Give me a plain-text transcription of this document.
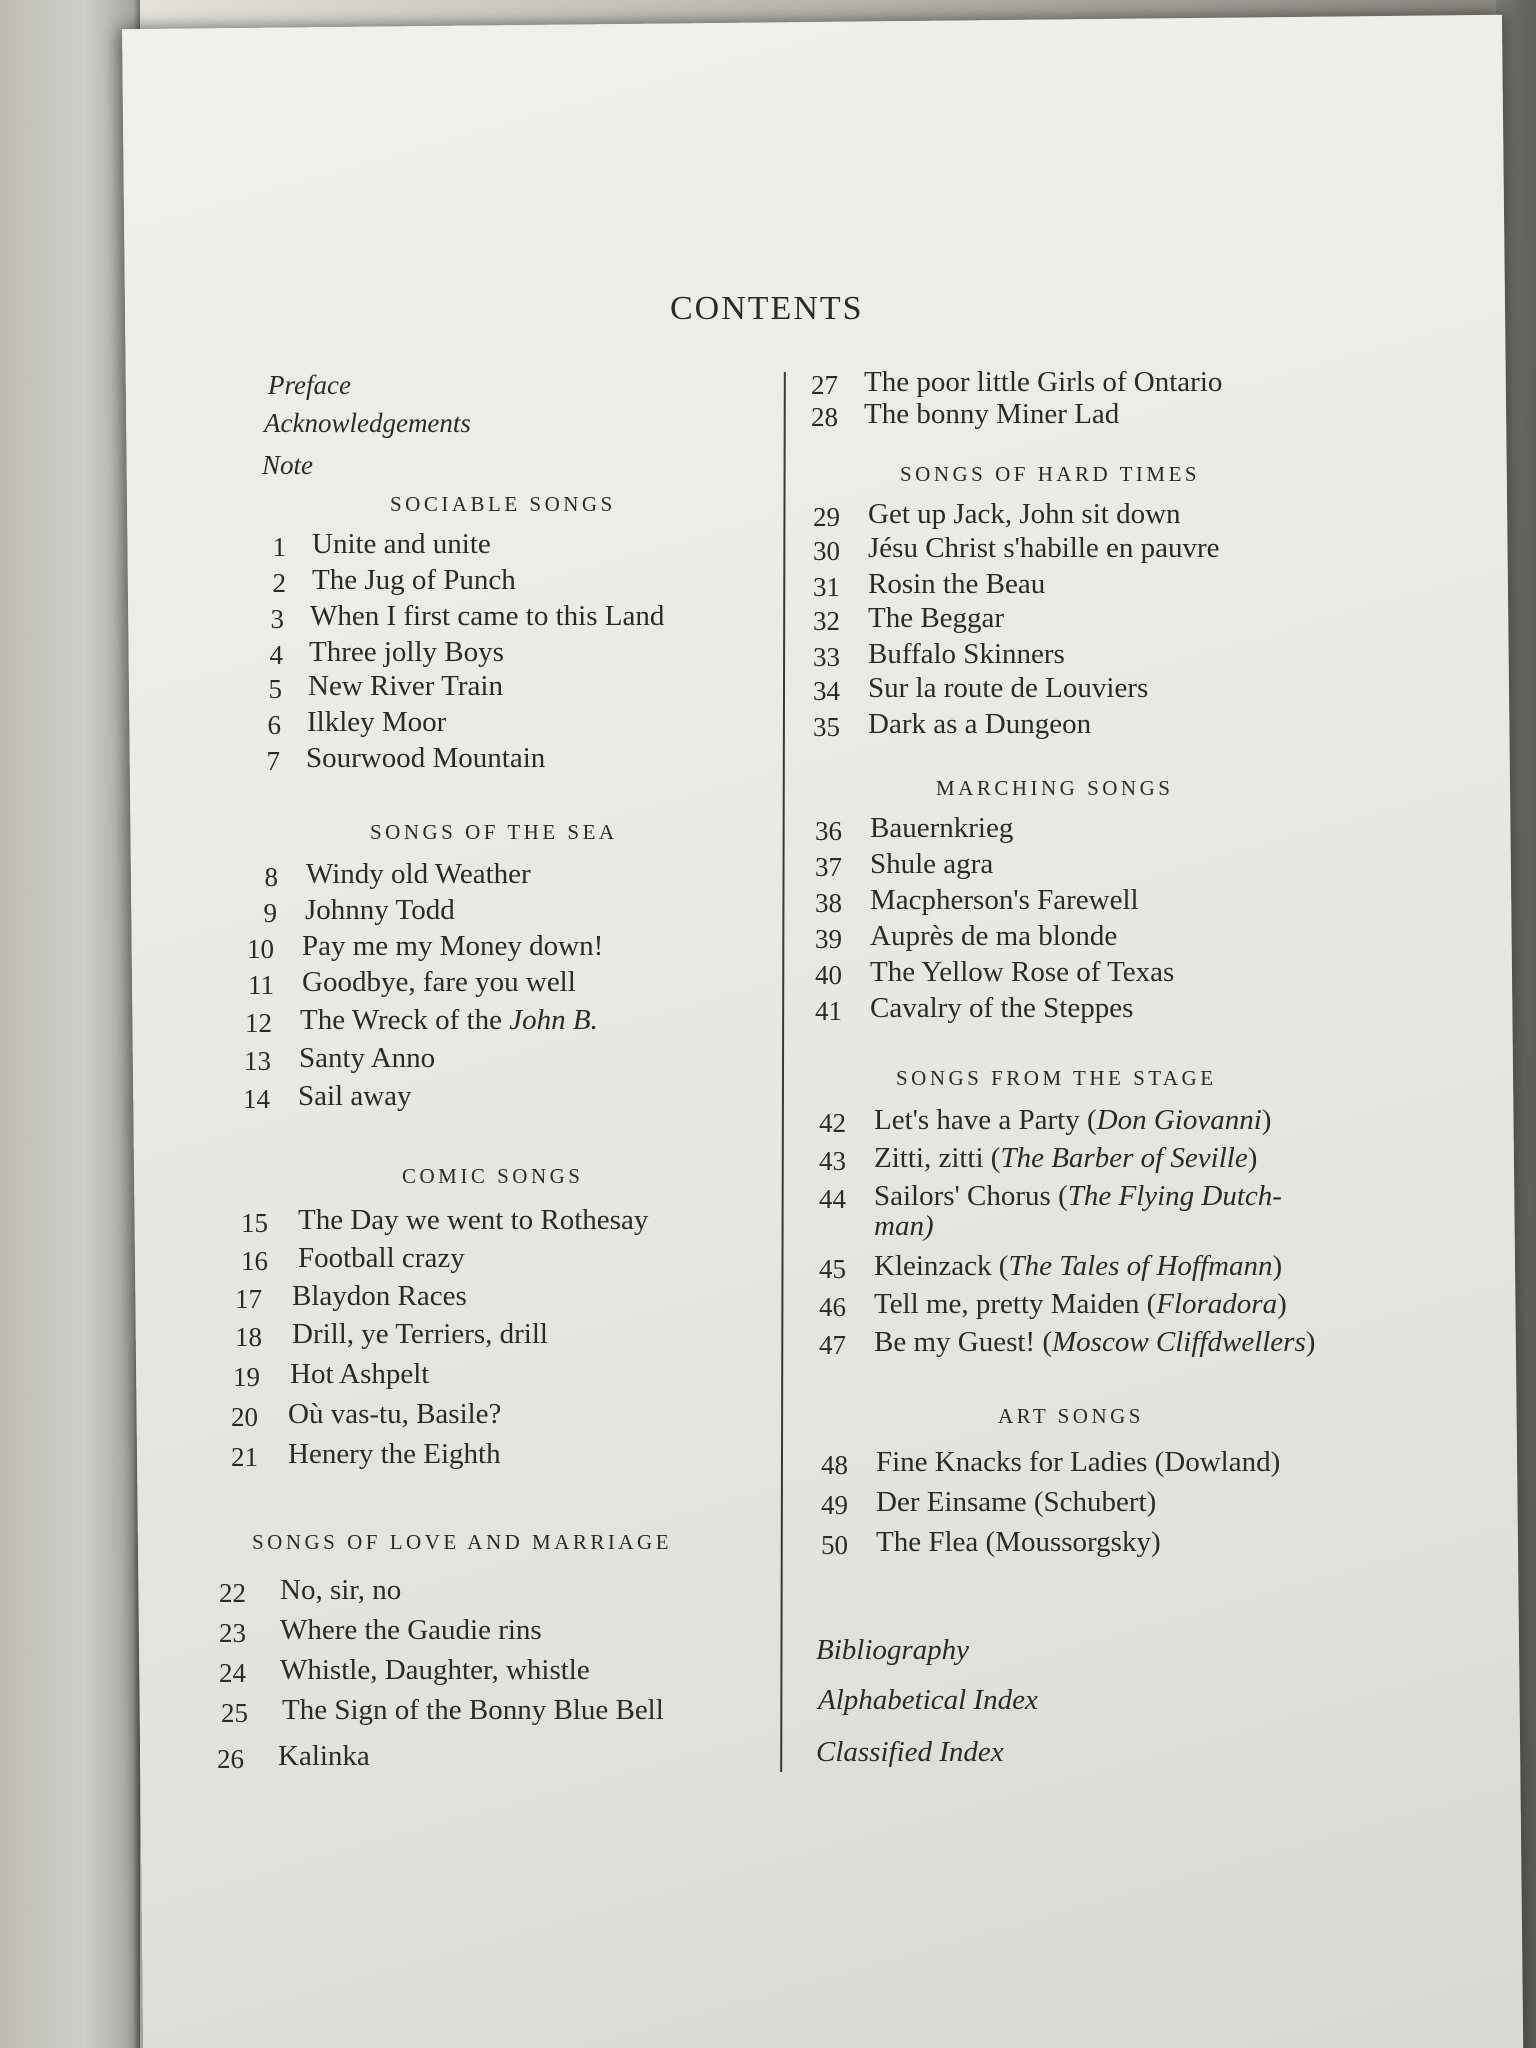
CONTENTS
Preface
Acknowledgements
Note
SOCIABLE SONGS
1 Unite and unite
2 The Jug of Punch
3 When I first came to this Land
4 Three jolly Boys
5 New River Train
6 Ilkley Moor
7 Sourwood Mountain
SONGS OF THE SEA
8 Windy old Weather
9 Johnny Todd
10 Pay me my Money down!
11 Goodbye, fare you well
12 The Wreck of the John B.
13 Santy Anno
14 Sail away
COMIC SONGS
15 The Day we went to Rothesay
16 Football crazy
17 Blaydon Races
18 Drill, ye Terriers, drill
19 Hot Ashpelt
20 Où vas-tu, Basile?
21 Henery the Eighth
SONGS OF LOVE AND MARRIAGE
22 No, sir, no
23 Where the Gaudie rins
24 Whistle, Daughter, whistle
25 The Sign of the Bonny Blue Bell
26 Kalinka
27 The poor little Girls of Ontario
28 The bonny Miner Lad
SONGS OF HARD TIMES
29 Get up Jack, John sit down
30 Jésu Christ s'habille en pauvre
31 Rosin the Beau
32 The Beggar
33 Buffalo Skinners
34 Sur la route de Louviers
35 Dark as a Dungeon
MARCHING SONGS
36 Bauernkrieg
37 Shule agra
38 Macpherson's Farewell
39 Auprès de ma blonde
40 The Yellow Rose of Texas
41 Cavalry of the Steppes
SONGS FROM THE STAGE
42 Let's have a Party (Don Giovanni)
43 Zitti, zitti (The Barber of Seville)
44 Sailors' Chorus (The Flying Dutch-
man)
45 Kleinzack (The Tales of Hoffmann)
46 Tell me, pretty Maiden (Floradora)
47 Be my Guest! (Moscow Cliffdwellers)
ART SONGS
48 Fine Knacks for Ladies (Dowland)
49 Der Einsame (Schubert)
50 The Flea (Moussorgsky)
Bibliography
Alphabetical Index
Classified Index
